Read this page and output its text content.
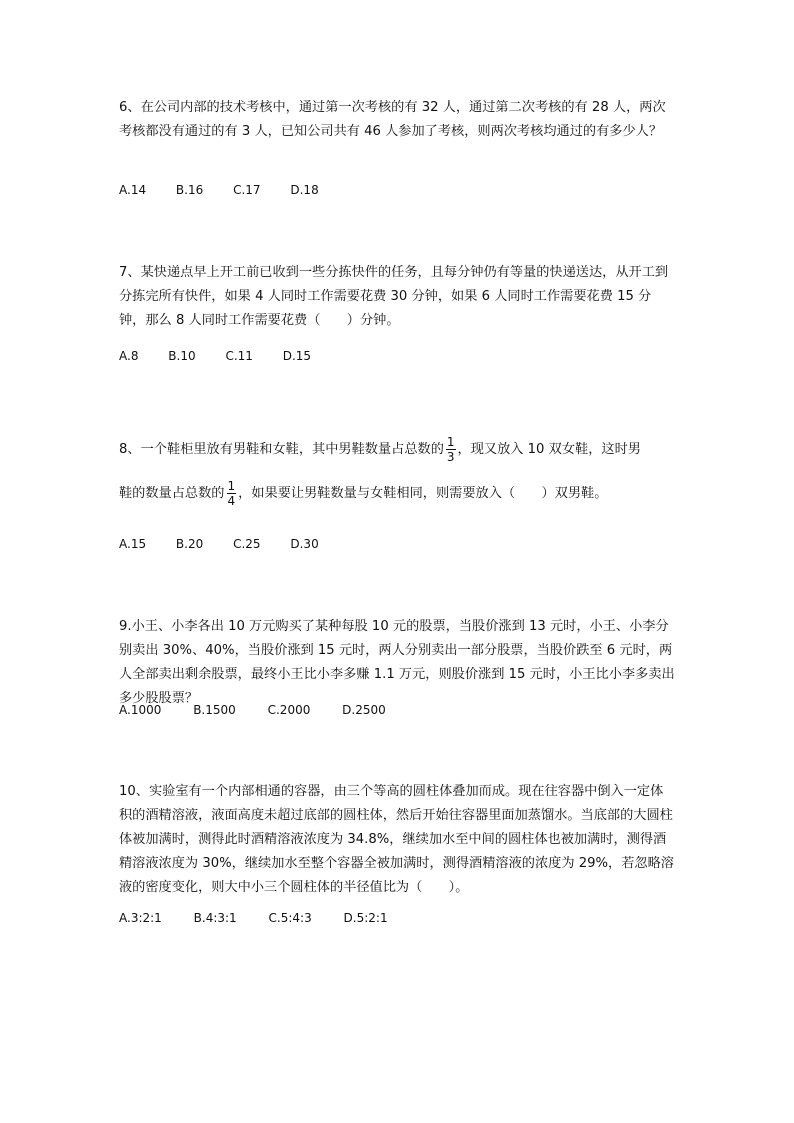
6、在公司内部的技术考核中，通过第一次考核的有 32 人，通过第二次考核的有 28 人，两次考核都没有通过的有 3 人，已知公司共有 46 人参加了考核，则两次考核均通过的有多少人？

A.14 B.16 C.17 D.18

7、某快递点早上开工前已收到一些分拣快件的任务，且每分钟仍有等量的快递送达，从开工到分拣完所有快件，如果 4 人同时工作需要花费 30 分钟，如果 6 人同时工作需要花费 15 分钟，那么 8 人同时工作需要花费（　　）分钟。

A.8 B.10 C.11 D.15

8、一个鞋柜里放有男鞋和女鞋，其中男鞋数量占总数的 $\frac{1}{3}$ ，现又放入 10 双女鞋，这时男

鞋的数量占总数的 $\frac{1}{4}$ ，如果要让男鞋数量与女鞋相同，则需要放入（　　）双男鞋。

A.15 B.20 C.25 D.30

9.小王、小李各出 10 万元购买了某种每股 10 元的股票，当股价涨到 13 元时，小王、小李分别卖出 30%、40%，当股价涨到 15 元时，两人分别卖出一部分股票，当股价跌至 6 元时，两人全部卖出剩余股票，最终小王比小李多赚 1.1 万元，则股价涨到 15 元时，小王比小李多卖出多少股股票？

A.1000	B.1500	C.2000	D.2500

10、实验室有一个内部相通的容器，由三个等高的圆柱体叠加而成。现在往容器中倒入一定体积的酒精溶液，液面高度未超过底部的圆柱体，然后开始往容器里面加蒸馏水。当底部的大圆柱体被加满时，测得此时酒精溶液浓度为 34.8%，继续加水至中间的圆柱体也被加满时，测得酒精溶液浓度为 30%，继续加水至整个容器全被加满时，测得酒精溶液的浓度为 29%，若忽略溶液的密度变化，则大中小三个圆柱体的半径值比为（　　）。

A.3:2:1	B.4:3:1	C.5:4:3	D.5:2:1
